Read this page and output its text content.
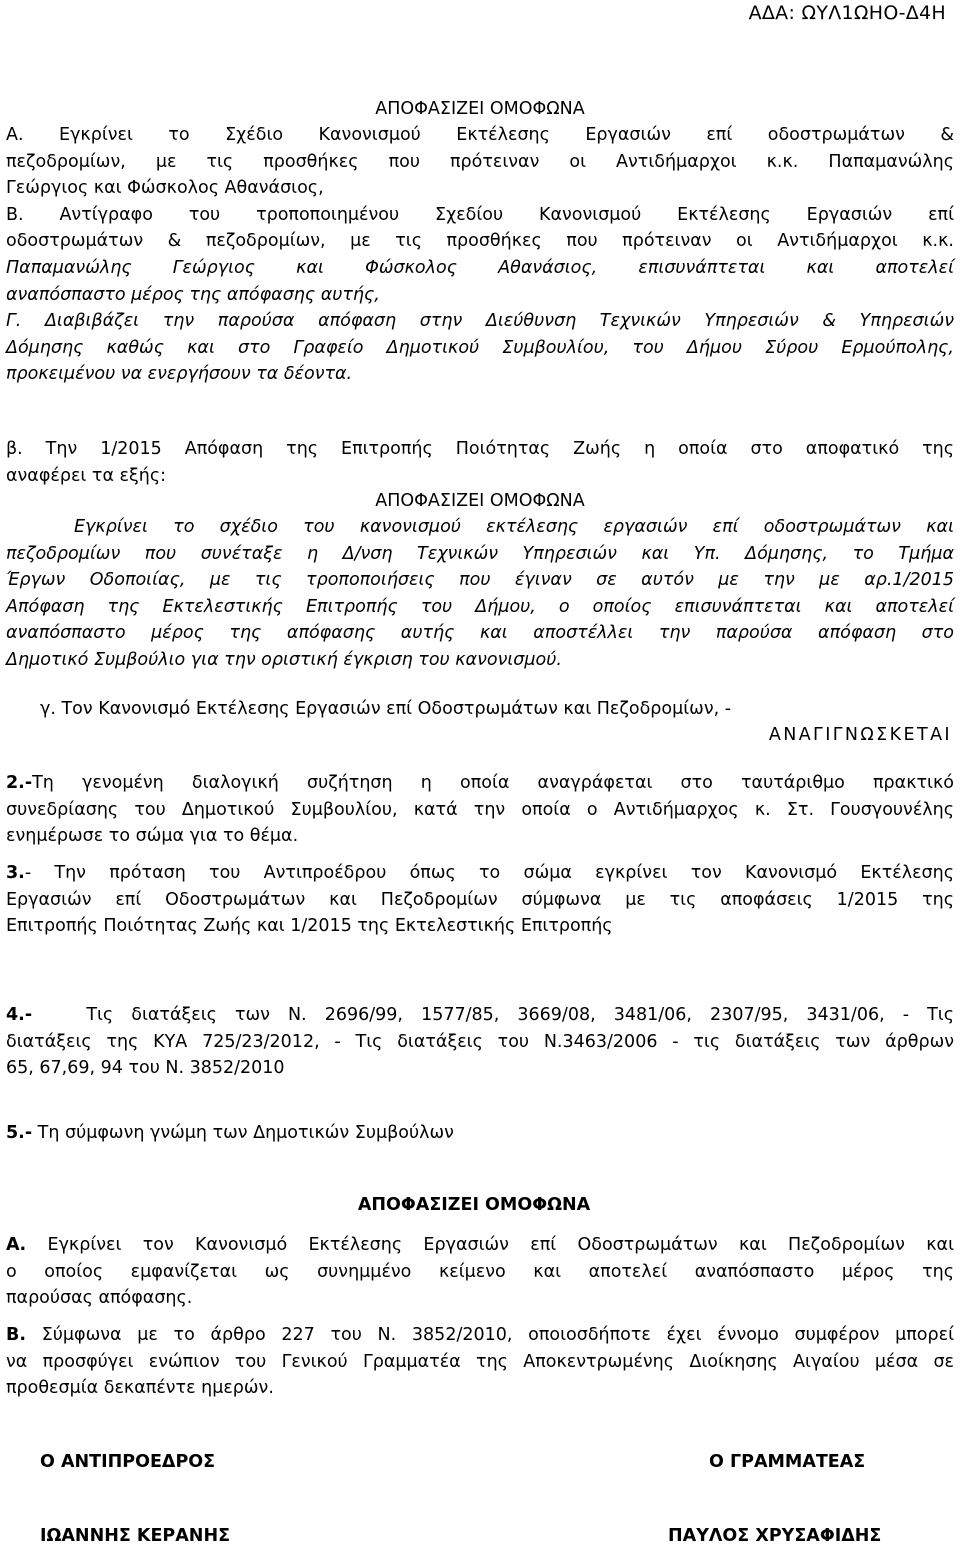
ΑΔΑ: ΩΥΛ1ΩΗΟ-Δ4Η

ΑΠΟΦΑΣΙΖΕΙ ΟΜΟΦΩΝΑ

Α. Εγκρίνει το Σχέδιο Κανονισμού Εκτέλεσης Εργασιών επί οδοστρωμάτων &
πεζοδρομίων, με τις προσθήκες που πρότειναν οι Αντιδήμαρχοι κ.κ. Παπαμανώλης
Γεώργιος και Φώσκολος Αθανάσιος,
Β. Αντίγραφο του τροποποιημένου Σχεδίου Κανονισμού Εκτέλεσης Εργασιών επί
οδοστρωμάτων & πεζοδρομίων, με τις προσθήκες που πρότειναν οι Αντιδήμαρχοι κ.κ.
Παπαμανώλης Γεώργιος και Φώσκολος Αθανάσιος, επισυνάπτεται και αποτελεί
αναπόσπαστο μέρος της απόφασης αυτής,
Γ. Διαβιβάζει την παρούσα απόφαση στην Διεύθυνση Τεχνικών Υπηρεσιών & Υπηρεσιών
Δόμησης καθώς και στο Γραφείο Δημοτικού Συμβουλίου, του Δήμου Σύρου Ερμούπολης,
προκειμένου να ενεργήσουν τα δέοντα.
β. Την 1/2015 Απόφαση της Επιτροπής Ποιότητας Ζωής η οποία στο αποφατικό της
αναφέρει τα εξής:

ΑΠΟΦΑΣΙΖΕΙ ΟΜΟΦΩΝΑ

Εγκρίνει το σχέδιο του κανονισμού εκτέλεσης εργασιών επί οδοστρωμάτων και
πεζοδρομίων που συνέταξε η Δ/νση Τεχνικών Υπηρεσιών και Υπ. Δόμησης, το Τμήμα
Έργων Οδοποιίας, με τις τροποποιήσεις που έγιναν σε αυτόν με την με αρ.1/2015
Απόφαση της Εκτελεστικής Επιτροπής του Δήμου, ο οποίος επισυνάπτεται και αποτελεί
αναπόσπαστο μέρος της απόφασης αυτής και αποστέλλει την παρούσα απόφαση στο
Δημοτικό Συμβούλιο για την οριστική έγκριση του κανονισμού.

γ. Τον Κανονισμό Εκτέλεσης Εργασιών επί Οδοστρωμάτων και Πεζοδρομίων, -

ΑΝΑΓΙΓΝΩΣΚΕΤΑΙ

2.-Τη γενομένη διαλογική συζήτηση η οποία αναγράφεται στο ταυτάριθμο πρακτικό
συνεδρίασης του Δημοτικού Συμβουλίου, κατά την οποία ο Αντιδήμαρχος κ. Στ. Γουσγουνέλης
ενημέρωσε το σώμα για το θέμα.
3.- Την πρόταση του Αντιπροέδρου όπως το σώμα εγκρίνει τον Κανονισμό Εκτέλεσης
Εργασιών επί Οδοστρωμάτων και Πεζοδρομίων σύμφωνα με τις αποφάσεις 1/2015 της
Επιτροπής Ποιότητας Ζωής και 1/2015 της Εκτελεστικής Επιτροπής
4.-	Τις διατάξεις των Ν. 2696/99, 1577/85, 3669/08, 3481/06, 2307/95, 3431/06, - Τις
διατάξεις της ΚΥΑ 725/23/2012, - Τις διατάξεις του Ν.3463/2006 - τις διατάξεις των άρθρων
65, 67,69, 94 του Ν. 3852/2010
5.- Τη σύμφωνη γνώμη των Δημοτικών Συμβούλων

ΑΠΟΦΑΣΙΖΕΙ ΟΜΟΦΩΝΑ

Α. Εγκρίνει τον Κανονισμό Εκτέλεσης Εργασιών επί Οδοστρωμάτων και Πεζοδρομίων και
ο οποίος εμφανίζεται ως συνημμένο κείμενο και αποτελεί αναπόσπαστο μέρος της
παρούσας απόφασης.
Β. Σύμφωνα με το άρθρο 227 του Ν. 3852/2010, οποιοσδήποτε έχει έννομο συμφέρον μπορεί
να προσφύγει ενώπιον του Γενικού Γραμματέα της Αποκεντρωμένης Διοίκησης Αιγαίου μέσα σε
προθεσμία δεκαπέντε ημερών.

Ο ΑΝΤΙΠΡΟΕΔΡΟΣ	Ο ΓΡΑΜΜΑΤΕΑΣ

ΙΩΑΝΝΗΣ ΚΕΡΑΝΗΣ	ΠΑΥΛΟΣ ΧΡΥΣΑΦΙΔΗΣ
